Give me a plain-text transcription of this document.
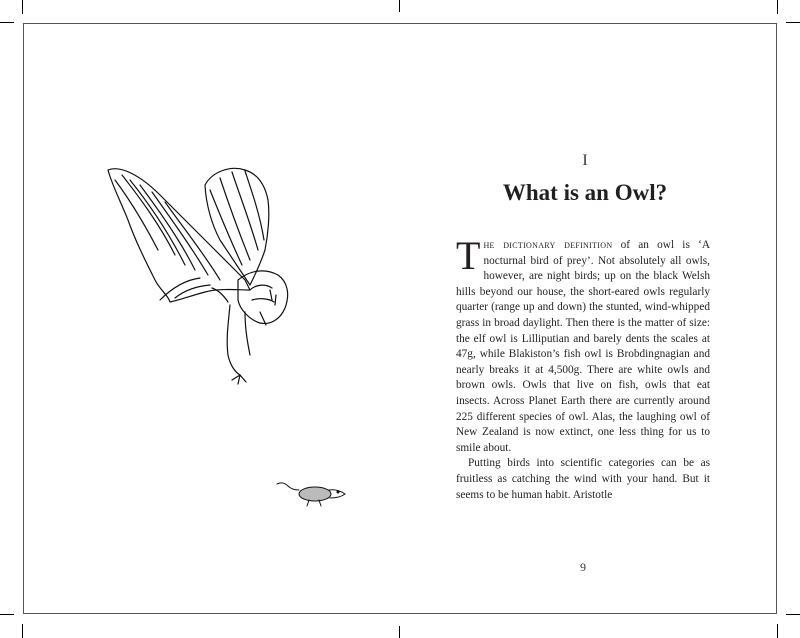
I
What is an Owl?

The dictionary definition of an owl is ‘A nocturnal bird of prey’. Not absolutely all owls, however, are night birds; up on the black Welsh hills beyond our house, the short-eared owls regularly quarter (range up and down) the stunted, wind-whipped grass in broad daylight. Then there is the matter of size: the elf owl is Lilliputian and barely dents the scales at 47g, while Blakiston’s fish owl is Brobdingnagian and nearly breaks it at 4,500g. There are white owls and brown owls. Owls that live on fish, owls that eat insects. Across Planet Earth there are currently around 225 different species of owl. Alas, the laughing owl of New Zealand is now extinct, one less thing for us to smile about.

Putting birds into scientific categories can be as fruitless as catching the wind with your hand. But it seems to be human habit. Aristotle

9
